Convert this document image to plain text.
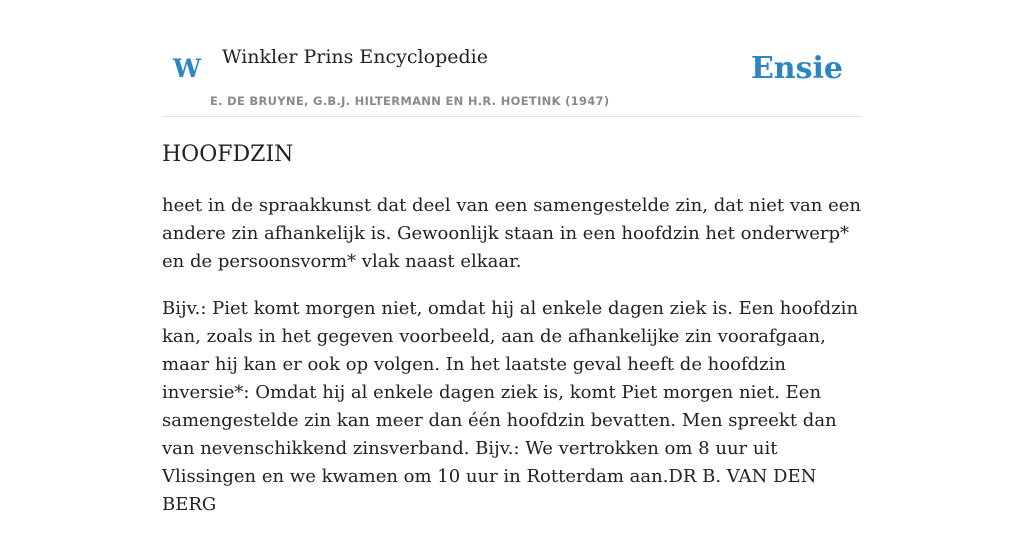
W Winkler Prins Encyclopedie	Ensie
E. DE BRUYNE, G.B.J. HILTERMANN EN H.R. HOETINK (1947)
HOOFDZIN

heet in de spraakkunst dat deel van een samengestelde zin, dat niet van een andere zin afhankelijk is. Gewoonlijk staan in een hoofdzin het onderwerp* en de persoonsvorm* vlak naast elkaar.

Bijv.: Piet komt morgen niet, omdat hij al enkele dagen ziek is. Een hoofdzin kan, zoals in het gegeven voorbeeld, aan de afhankelijke zin voorafgaan, maar hij kan er ook op volgen. In het laatste geval heeft de hoofdzin inversie*: Omdat hij al enkele dagen ziek is, komt Piet morgen niet. Een samengestelde zin kan meer dan één hoofdzin bevatten. Men spreekt dan van nevenschikkend zinsverband. Bijv.: We vertrokken om 8 uur uit Vlissingen en we kwamen om 10 uur in Rotterdam aan.DR B. VAN DEN BERG
